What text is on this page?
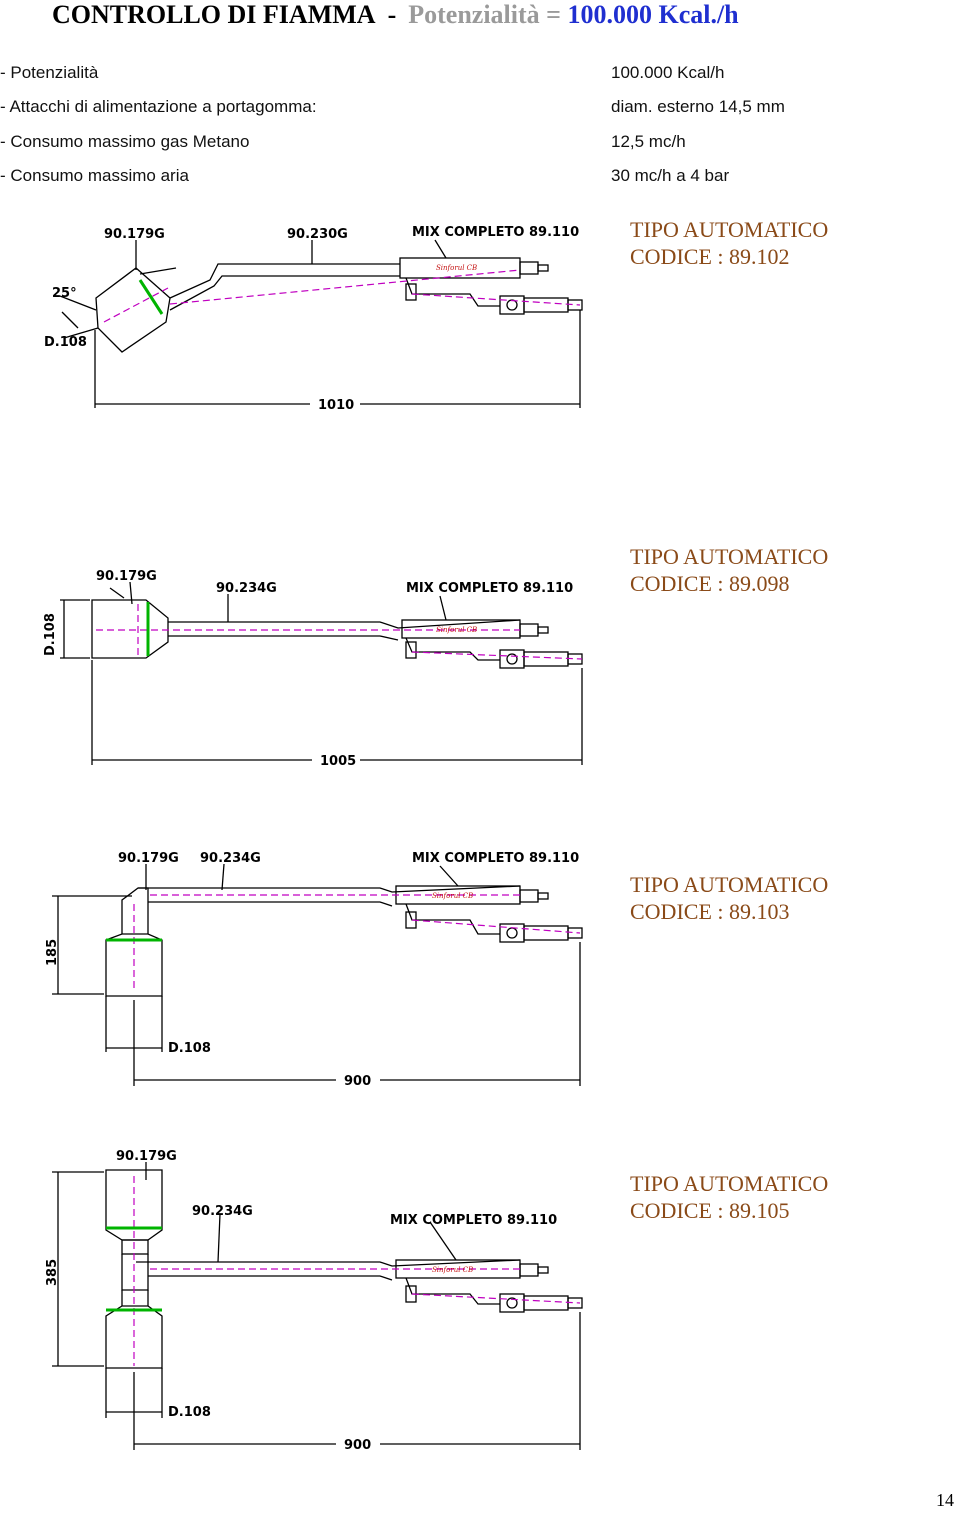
CONTROLLO DI FIAMMA - Potenzialità = 100.000 Kcal./h
- Potenzialità	100.000 Kcal/h
- Attacchi di alimentazione a portagomma:	diam. esterno 14,5 mm
- Consumo massimo gas Metano	12,5 mc/h
- Consumo massimo aria	30 mc/h a 4 bar
TIPO AUTOMATICO
CODICE : 89.102
TIPO AUTOMATICO
CODICE : 89.098
TIPO AUTOMATICO
CODICE : 89.103
TIPO AUTOMATICO
CODICE : 89.105
Sinforul CB
90.179G	90.230G	MIX COMPLETO 89.110
25°
D.108
1010
Sinforul CB
90.179G
90.234G	MIX COMPLETO 89.110
D.108
1005
Sinforul CB
90.179G 90.234G	MIX COMPLETO 89.110
185
D.108
900
Sinforul CB
90.179G
90.234G
MIX COMPLETO 89.110
385
D.108
900
14
